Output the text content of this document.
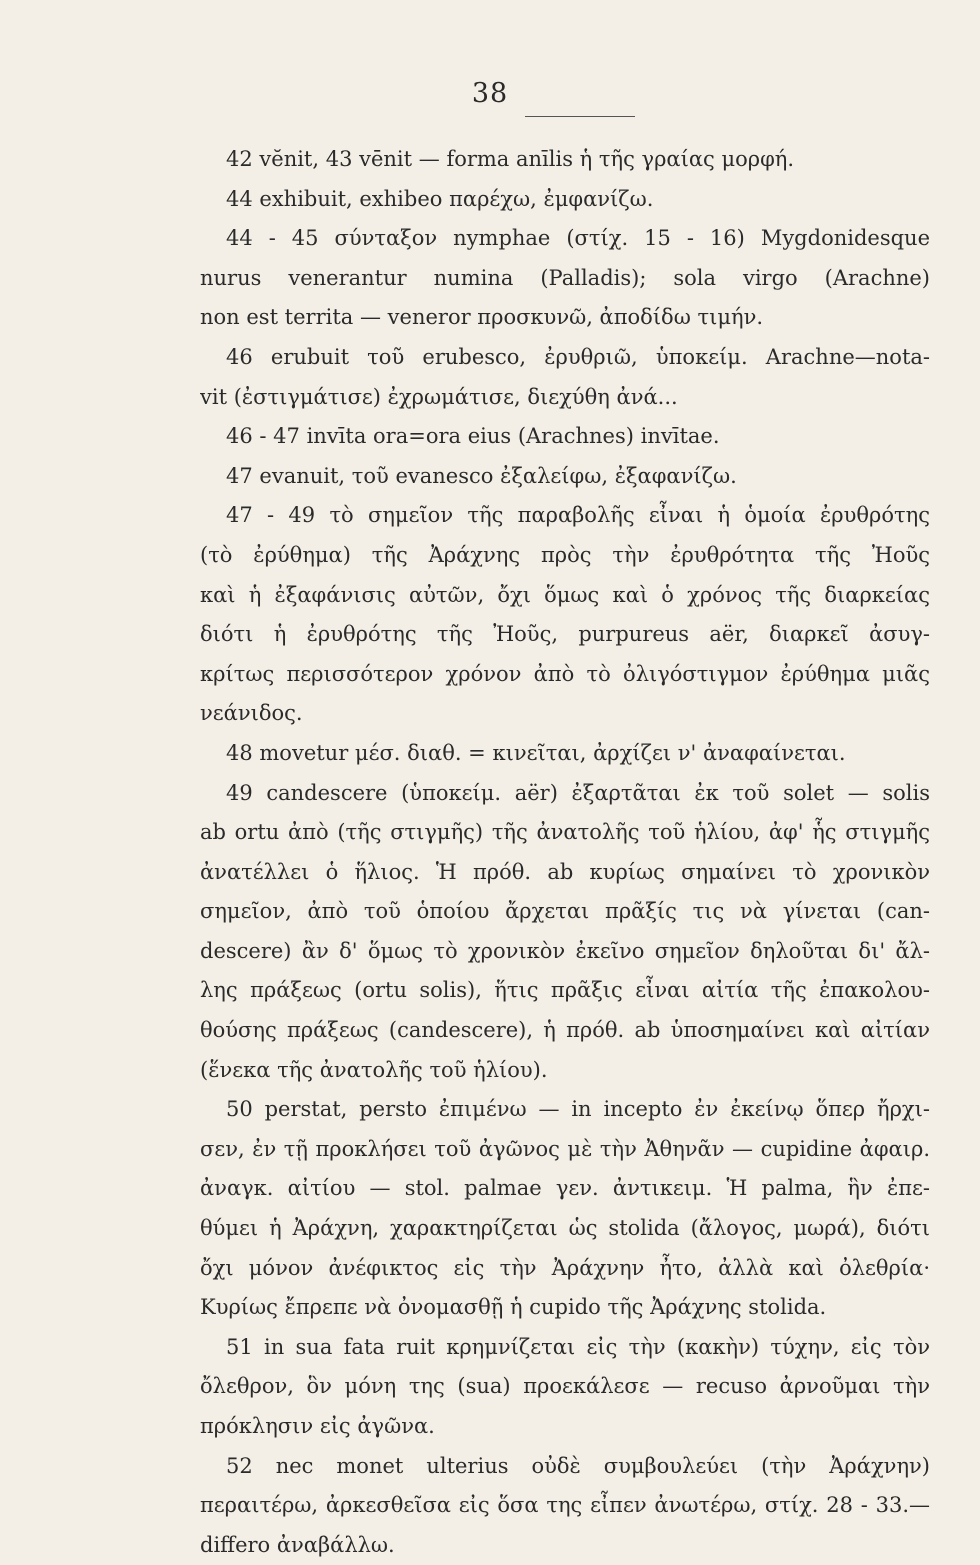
38
42 vĕnit, 43 vēnit — forma anīlis ἡ τῆς γραίας μορφή.
44 exhibuit, exhibeo παρέχω, ἐμφανίζω.
44 - 45 σύνταξον nymphae (στίχ. 15 - 16) Mygdonidesque
nurus venerantur numina (Palladis); sola virgo (Arachne)
non est territa — veneror προσκυνῶ, ἀποδίδω τιμήν.
46 erubuit τοῦ erubesco, ἐρυθριῶ, ὑποκείμ. Arachne—nota-
vit (ἐστιγμάτισε) ἐχρωμάτισε, διεχύθη ἀνά...
46 - 47 invīta ora=ora eius (Arachnes) invītae.
47 evanuit, τοῦ evanesco ἐξαλείφω, ἐξαφανίζω.
47 - 49 τὸ σημεῖον τῆς παραβολῆς εἶναι ἡ ὁμοία ἐρυθρότης
(τὸ ἐρύθημα) τῆς Ἀράχνης πρὸς τὴν ἐρυθρότητα τῆς Ἠοῦς
καὶ ἡ ἐξαφάνισις αὐτῶν, ὄχι ὅμως καὶ ὁ χρόνος τῆς διαρκείας
διότι ἡ ἐρυθρότης τῆς Ἠοῦς, purpureus aër, διαρκεῖ ἀσυγ-
κρίτως περισσότερον χρόνον ἀπὸ τὸ ὀλιγόστιγμον ἐρύθημα μιᾶς
νεάνιδος.
48 movetur μέσ. διαθ. = κινεῖται, ἀρχίζει ν' ἀναφαίνεται.
49 candescere (ὑποκείμ. aër) ἐξαρτᾶται ἐκ τοῦ solet — solis
ab ortu ἀπὸ (τῆς στιγμῆς) τῆς ἀνατολῆς τοῦ ἡλίου, ἀφ' ἧς στιγμῆς
ἀνατέλλει ὁ ἥλιος. Ἡ πρόθ. ab κυρίως σημαίνει τὸ χρονικὸν
σημεῖον, ἀπὸ τοῦ ὁποίου ἄρχεται πρᾶξίς τις νὰ γίνεται (can-
descere) ἂν δ' ὅμως τὸ χρονικὸν ἐκεῖνο σημεῖον δηλοῦται δι' ἄλ-
λης πράξεως (ortu solis), ἥτις πρᾶξις εἶναι αἰτία τῆς ἐπακολου-
θούσης πράξεως (candescere), ἡ πρόθ. ab ὑποσημαίνει καὶ αἰτίαν
(ἕνεκα τῆς ἀνατολῆς τοῦ ἡλίου).
50 perstat, persto ἐπιμένω — in incepto ἐν ἐκείνῳ ὅπερ ἤρχι-
σεν, ἐν τῇ προκλήσει τοῦ ἀγῶνος μὲ τὴν Ἀθηνᾶν — cupidine ἀφαιρ.
ἀναγκ. αἰτίου — stol. palmae γεν. ἀντικειμ. Ἡ palma, ἣν ἐπε-
θύμει ἡ Ἀράχνη, χαρακτηρίζεται ὡς stolida (ἄλογος, μωρά), διότι
ὄχι μόνον ἀνέφικτος εἰς τὴν Ἀράχνην ἦτο, ἀλλὰ καὶ ὀλεθρία·
Κυρίως ἔπρεπε νὰ ὀνομασθῇ ἡ cupido τῆς Ἀράχνης stolida.
51 in sua fata ruit κρημνίζεται εἰς τὴν (κακὴν) τύχην, εἰς τὸν
ὄλεθρον, ὃν μόνη της (sua) προεκάλεσε — recuso ἀρνοῦμαι τὴν
πρόκλησιν εἰς ἀγῶνα.
52 nec monet ulterius οὐδὲ συμβουλεύει (τὴν Ἀράχνην)
περαιτέρω, ἀρκεσθεῖσα εἰς ὅσα της εἶπεν ἀνωτέρω, στίχ. 28 - 33.—
differo ἀναβάλλω.
